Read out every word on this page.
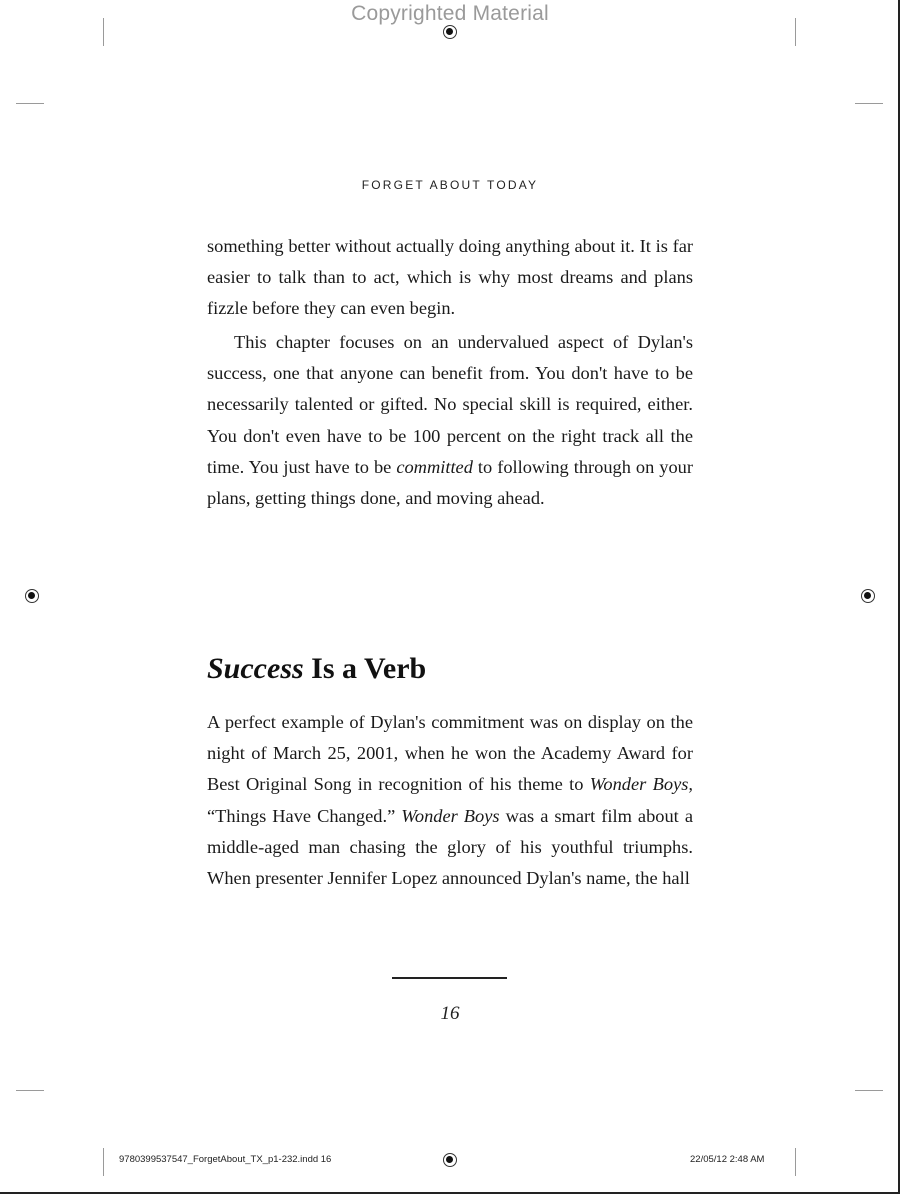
Copyrighted Material
FORGET ABOUT TODAY

something better without actually doing anything about it. It is far easier to talk than to act, which is why most dreams and plans fizzle before they can even begin.

This chapter focuses on an undervalued aspect of Dylan's success, one that anyone can benefit from. You don't have to be necessarily talented or gifted. No special skill is required, either. You don't even have to be 100 percent on the right track all the time. You just have to be committed to following through on your plans, getting things done, and moving ahead.

Success Is a Verb

A perfect example of Dylan's commitment was on display on the night of March 25, 2001, when he won the Academy Award for Best Original Song in recognition of his theme to Wonder Boys, “Things Have Changed.” Wonder Boys was a smart film about a middle-aged man chasing the glory of his youthful triumphs. When presenter Jennifer Lopez announced Dylan's name, the hall

16
9780399537547_ForgetAbout_TX_p1-232.indd 16	22/05/12 2:48 AM
